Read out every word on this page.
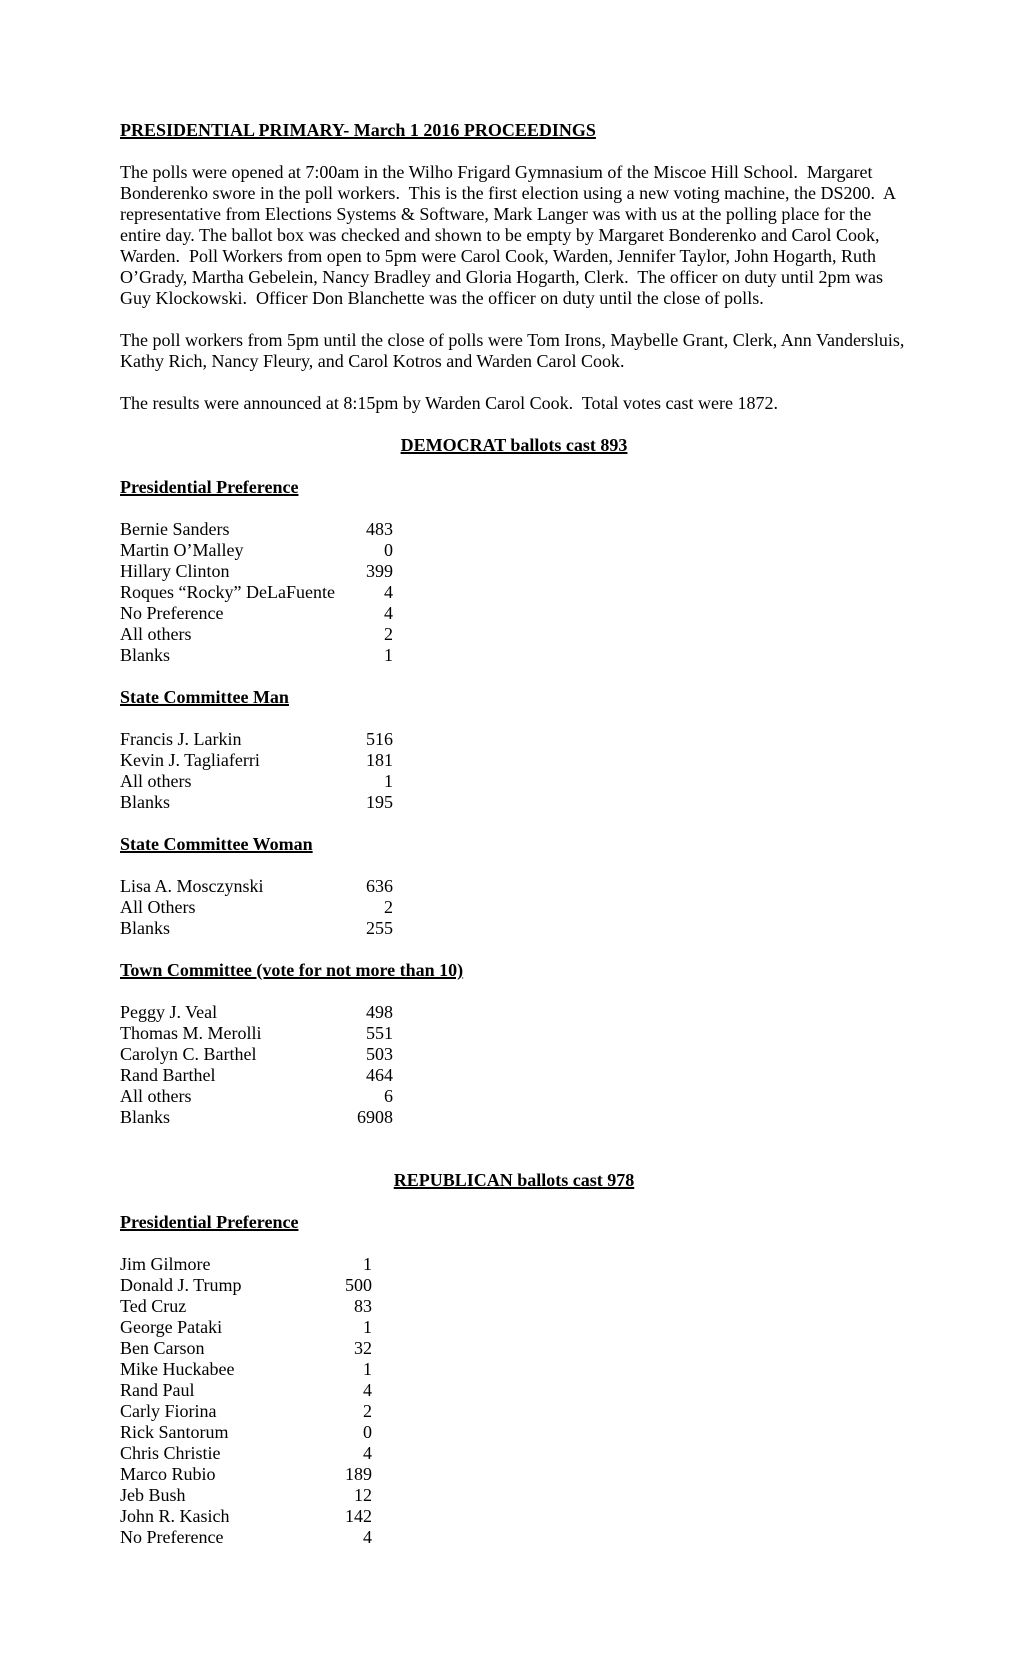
PRESIDENTIAL PRIMARY- March 1 2016 PROCEEDINGS

The polls were opened at 7:00am in the Wilho Frigard Gymnasium of the Miscoe Hill School.  Margaret Bonderenko swore in the poll workers.  This is the first election using a new voting machine, the DS200.  A representative from Elections Systems & Software, Mark Langer was with us at the polling place for the entire day. The ballot box was checked and shown to be empty by Margaret Bonderenko and Carol Cook, Warden.  Poll Workers from open to 5pm were Carol Cook, Warden, Jennifer Taylor, John Hogarth, Ruth O’Grady, Martha Gebelein, Nancy Bradley and Gloria Hogarth, Clerk.  The officer on duty until 2pm was Guy Klockowski.  Officer Don Blanchette was the officer on duty until the close of polls.

The poll workers from 5pm until the close of polls were Tom Irons, Maybelle Grant, Clerk, Ann Vandersluis, Kathy Rich, Nancy Fleury, and Carol Kotros and Warden Carol Cook.

The results were announced at 8:15pm by Warden Carol Cook.  Total votes cast were 1872.

DEMOCRAT ballots cast 893
Presidential Preference
Bernie Sanders	483
Martin O’Malley	0
Hillary Clinton	399
Roques “Rocky” DeLaFuente	4
No Preference	4
All others	2
Blanks	1
State Committee Man
Francis J. Larkin	516
Kevin J. Tagliaferri	181
All others	1
Blanks	195
State Committee Woman
Lisa A. Mosczynski	636
All Others	2
Blanks	255
Town Committee (vote for not more than 10)
Peggy J. Veal	498
Thomas M. Merolli	551
Carolyn C. Barthel	503
Rand Barthel	464
All others	6
Blanks	6908
REPUBLICAN ballots cast 978
Presidential Preference
Jim Gilmore	1
Donald J. Trump	500
Ted Cruz	83
George Pataki	1
Ben Carson	32
Mike Huckabee	1
Rand Paul	4
Carly Fiorina	2
Rick Santorum	0
Chris Christie	4
Marco Rubio	189
Jeb Bush	12
John R. Kasich	142
No Preference	4
